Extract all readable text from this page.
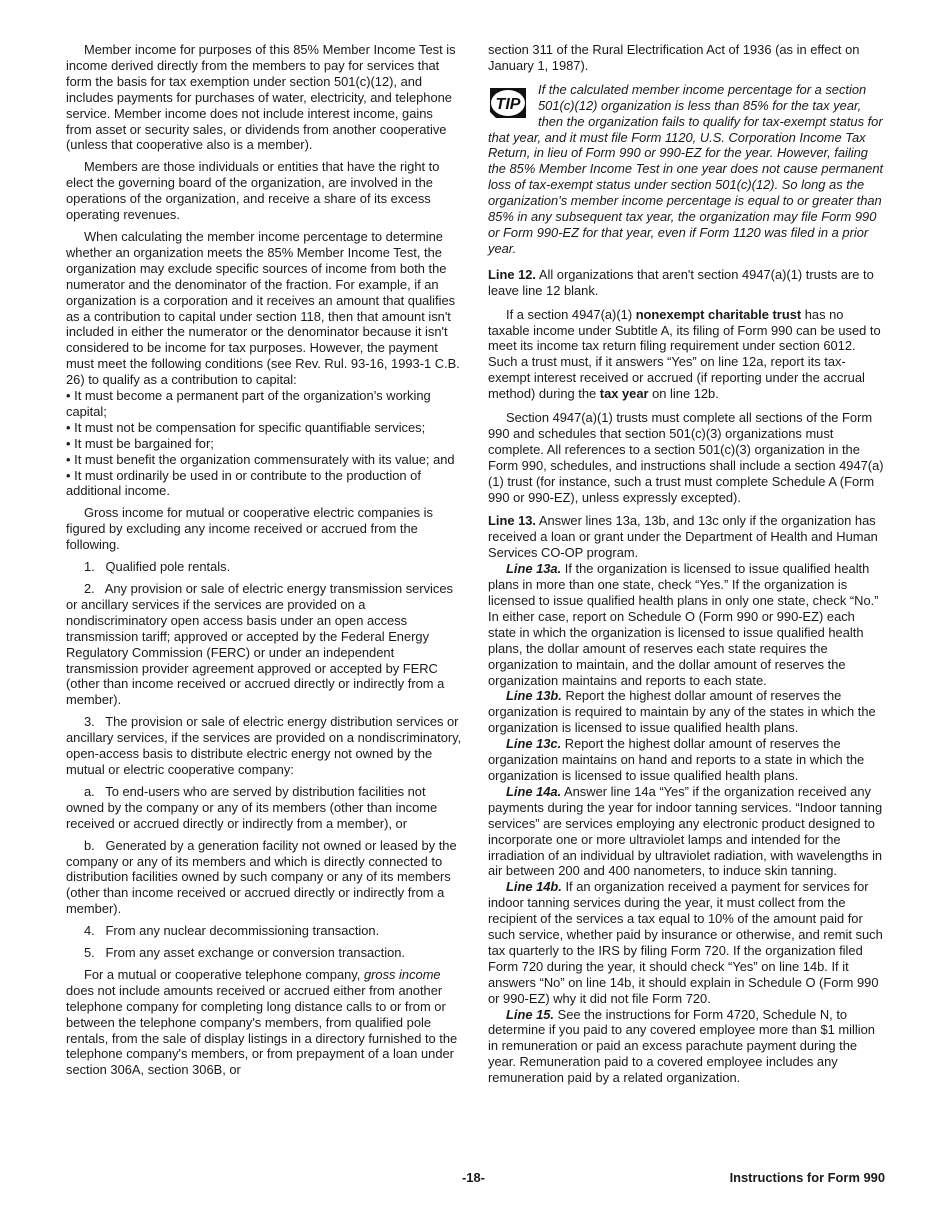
Member income for purposes of this 85% Member Income Test is income derived directly from the members to pay for services that form the basis for tax exemption under section 501(c)(12), and includes payments for purchases of water, electricity, and telephone service. Member income does not include interest income, gains from asset or security sales, or dividends from another cooperative (unless that cooperative also is a member).

Members are those individuals or entities that have the right to elect the governing board of the organization, are involved in the operations of the organization, and receive a share of its excess operating revenues.

When calculating the member income percentage to determine whether an organization meets the 85% Member Income Test, the organization may exclude specific sources of income from both the numerator and the denominator of the fraction. For example, if an organization is a corporation and it receives an amount that qualifies as a contribution to capital under section 118, then that amount isn't included in either the numerator or the denominator because it isn't considered to be income for tax purposes. However, the payment must meet the following conditions (see Rev. Rul. 93-16, 1993-1 C.B. 26) to qualify as a contribution to capital:

• It must become a permanent part of the organization’s working capital;

• It must not be compensation for specific quantifiable services;

• It must be bargained for;

• It must benefit the organization commensurately with its value; and

• It must ordinarily be used in or contribute to the production of additional income.

Gross income for mutual or cooperative electric companies is figured by excluding any income received or accrued from the following.

1.   Qualified pole rentals.

2.   Any provision or sale of electric energy transmission services or ancillary services if the services are provided on a nondiscriminatory open access basis under an open access transmission tariff; approved or accepted by the Federal Energy Regulatory Commission (FERC) or under an independent transmission provider agreement approved or accepted by FERC (other than income received or accrued directly or indirectly from a member).

3.   The provision or sale of electric energy distribution services or ancillary services, if the services are provided on a nondiscriminatory, open-access basis to distribute electric energy not owned by the mutual or electric cooperative company:

a.   To end-users who are served by distribution facilities not owned by the company or any of its members (other than income received or accrued directly or indirectly from a member), or

b.   Generated by a generation facility not owned or leased by the company or any of its members and which is directly connected to distribution facilities owned by such company or any of its members (other than income received or accrued directly or indirectly from a member).

4.   From any nuclear decommissioning transaction.

5.   From any asset exchange or conversion transaction.

For a mutual or cooperative telephone company, gross income does not include amounts received or accrued either from another telephone company for completing long distance calls to or from or between the telephone company's members, from qualified pole rentals, from the sale of display listings in a directory furnished to the telephone company's members, or from prepayment of a loan under section 306A, section 306B, or

section 311 of the Rural Electrification Act of 1936 (as in effect on January 1, 1987).

TIP
If the calculated member income percentage for a section 501(c)(12) organization is less than 85% for the tax year, then the organization fails to qualify for tax-exempt status for that year, and it must file Form 1120, U.S. Corporation Income Tax Return, in lieu of Form 990 or 990-EZ for the year. However, failing the 85% Member Income Test in one year does not cause permanent loss of tax-exempt status under section 501(c)(12). So long as the organization's member income percentage is equal to or greater than 85% in any subsequent tax year, the organization may file Form 990 or Form 990-EZ for that year, even if Form 1120 was filed in a prior year.

Line 12. All organizations that aren't section 4947(a)(1) trusts are to leave line 12 blank.

If a section 4947(a)(1) nonexempt charitable trust has no taxable income under Subtitle A, its filing of Form 990 can be used to meet its income tax return filing requirement under section 6012. Such a trust must, if it answers “Yes” on line 12a, report its tax-exempt interest received or accrued (if reporting under the accrual method) during the tax year on line 12b.

Section 4947(a)(1) trusts must complete all sections of the Form 990 and schedules that section 501(c)(3) organizations must complete. All references to a section 501(c)(3) organization in the Form 990, schedules, and instructions shall include a section 4947(a)(1) trust (for instance, such a trust must complete Schedule A (Form 990 or 990-EZ), unless expressly excepted).

Line 13. Answer lines 13a, 13b, and 13c only if the organization has received a loan or grant under the Department of Health and Human Services CO-OP program.

Line 13a. If the organization is licensed to issue qualified health plans in more than one state, check “Yes.” If the organization is licensed to issue qualified health plans in only one state, check “No.” In either case, report on Schedule O (Form 990 or 990-EZ) each state in which the organization is licensed to issue qualified health plans, the dollar amount of reserves each state requires the organization to maintain, and the dollar amount of reserves the organization maintains and reports to each state.

Line 13b. Report the highest dollar amount of reserves the organization is required to maintain by any of the states in which the organization is licensed to issue qualified health plans.

Line 13c. Report the highest dollar amount of reserves the organization maintains on hand and reports to a state in which the organization is licensed to issue qualified health plans.

Line 14a. Answer line 14a “Yes” if the organization received any payments during the year for indoor tanning services. “Indoor tanning services” are services employing any electronic product designed to incorporate one or more ultraviolet lamps and intended for the irradiation of an individual by ultraviolet radiation, with wavelengths in air between 200 and 400 nanometers, to induce skin tanning.

Line 14b. If an organization received a payment for services for indoor tanning services during the year, it must collect from the recipient of the services a tax equal to 10% of the amount paid for such service, whether paid by insurance or otherwise, and remit such tax quarterly to the IRS by filing Form 720. If the organization filed Form 720 during the year, it should check “Yes” on line 14b. If it answers “No” on line 14b, it should explain in Schedule O (Form 990 or 990-EZ) why it did not file Form 720.

Line 15. See the instructions for Form 4720, Schedule N, to determine if you paid to any covered employee more than $1 million in remuneration or paid an excess parachute payment during the year. Remuneration paid to a covered employee includes any remuneration paid by a related organization.

-18-	Instructions for Form 990
